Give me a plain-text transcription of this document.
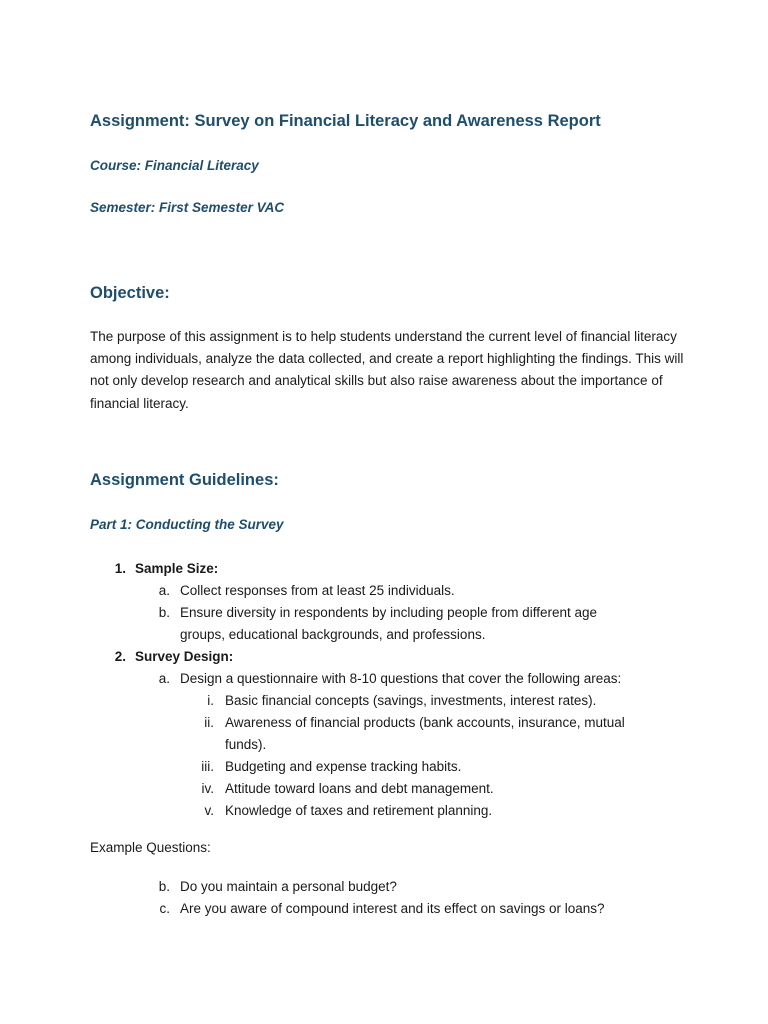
Assignment: Survey on Financial Literacy and Awareness Report

Course: Financial Literacy

Semester: First Semester VAC

Objective:

The purpose of this assignment is to help students understand the current level of financial literacy among individuals, analyze the data collected, and create a report highlighting the findings. This will not only develop research and analytical skills but also raise awareness about the importance of financial literacy.

Assignment Guidelines:

Part 1: Conducting the Survey

1. Sample Size:
a. Collect responses from at least 25 individuals.
b. Ensure diversity in respondents by including people from different age
groups, educational backgrounds, and professions.
2. Survey Design:
a. Design a questionnaire with 8-10 questions that cover the following areas:
i. Basic financial concepts (savings, investments, interest rates).
ii. Awareness of financial products (bank accounts, insurance, mutual
funds).
iii. Budgeting and expense tracking habits.
iv. Attitude toward loans and debt management.
v. Knowledge of taxes and retirement planning.

Example Questions:

b. Do you maintain a personal budget?
c. Are you aware of compound interest and its effect on savings or loans?
